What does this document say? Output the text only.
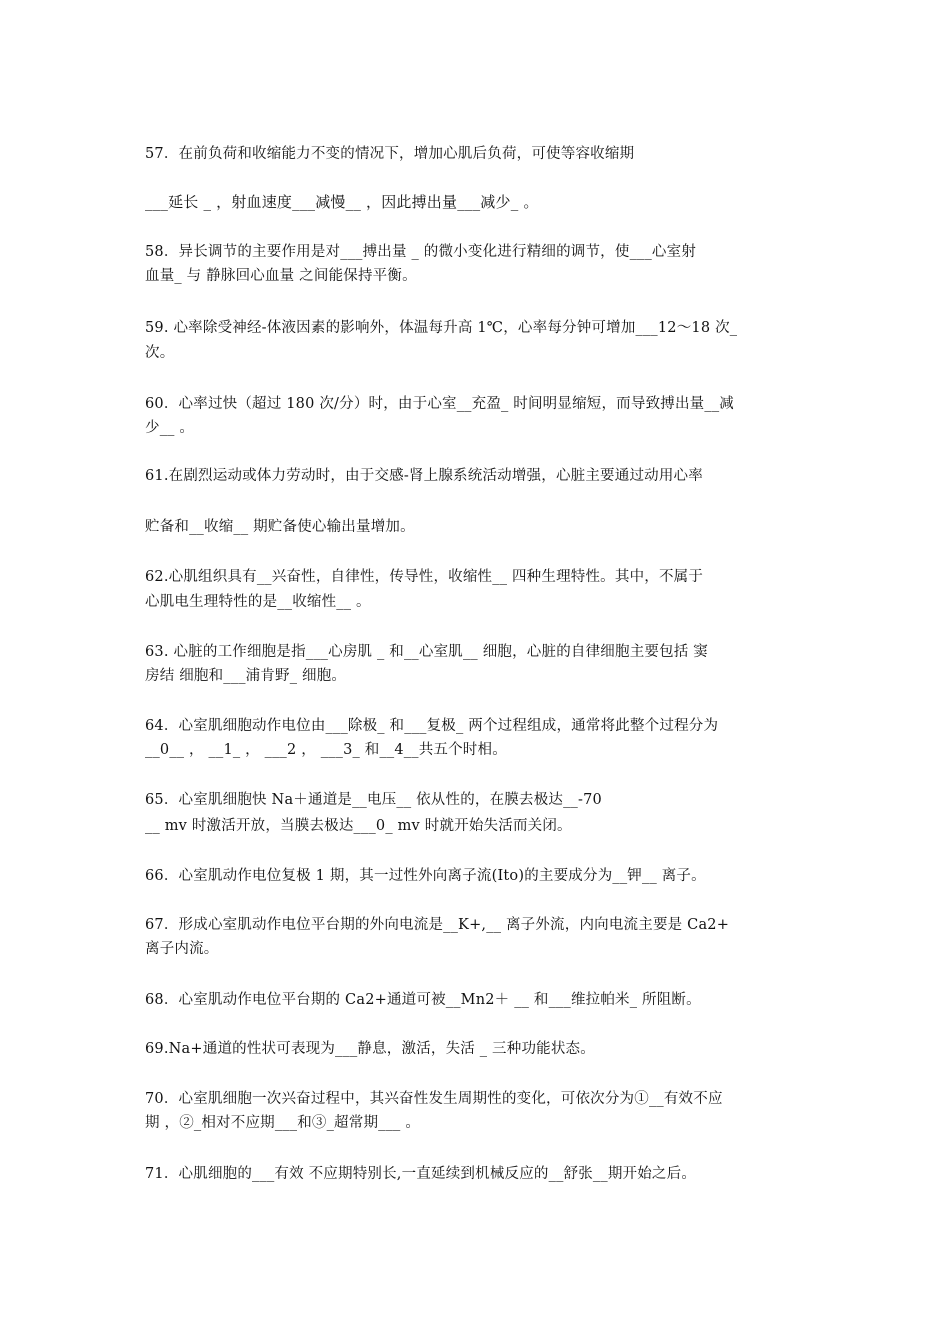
57．在前负荷和收缩能力不变的情况下，增加心肌后负荷，可使等容收缩期
___延长 _ ，射血速度___减慢__ ，因此搏出量___减少_ 。
58．异长调节的主要作用是对___搏出量 _ 的微小变化进行精细的调节，使___心室射
血量_ 与 静脉回心血量 之间能保持平衡。
59. 心率除受神经-体液因素的影响外，体温每升高 1℃，心率每分钟可增加___12～18 次_
次。
60．心率过快（超过 180 次/分）时，由于心室__充盈_ 时间明显缩短，而导致搏出量__减
少__ 。
61.在剧烈运动或体力劳动时，由于交感-肾上腺系统活动增强，心脏主要通过动用心率
贮备和__收缩__ 期贮备使心输出量增加。
62.心肌组织具有__兴奋性，自律性，传导性，收缩性__ 四种生理特性。其中，不属于
心肌电生理特性的是__收缩性__ 。
63. 心脏的工作细胞是指___心房肌 _ 和__心室肌__ 细胞，心脏的自律细胞主要包括 窦
房结 细胞和___浦肯野_ 细胞。
64．心室肌细胞动作电位由___除极_ 和___复极_ 两个过程组成，通常将此整个过程分为
__0__ ， __1_ ， ___2 ， ___3_ 和__4__共五个时相。
65．心室肌细胞快 Na＋通道是__电压__ 依从性的，在膜去极达__-70
__ mv 时激活开放，当膜去极达___0_ mv 时就开始失活而关闭。
66．心室肌动作电位复极 1 期，其一过性外向离子流(Ito)的主要成分为__钾__ 离子。
67．形成心室肌动作电位平台期的外向电流是__K+,__ 离子外流，内向电流主要是 Ca2+
离子内流。
68．心室肌动作电位平台期的 Ca2+通道可被__Mn2＋ __ 和___维拉帕米_ 所阻断。
69.Na+通道的性状可表现为___静息，激活，失活 _ 三种功能状态。
70．心室肌细胞一次兴奋过程中，其兴奋性发生周期性的变化，可依次分为①__有效不应
期 ，②_相对不应期___和③_超常期___ 。
71．心肌细胞的___有效 不应期特别长,一直延续到机械反应的__舒张__期开始之后。
